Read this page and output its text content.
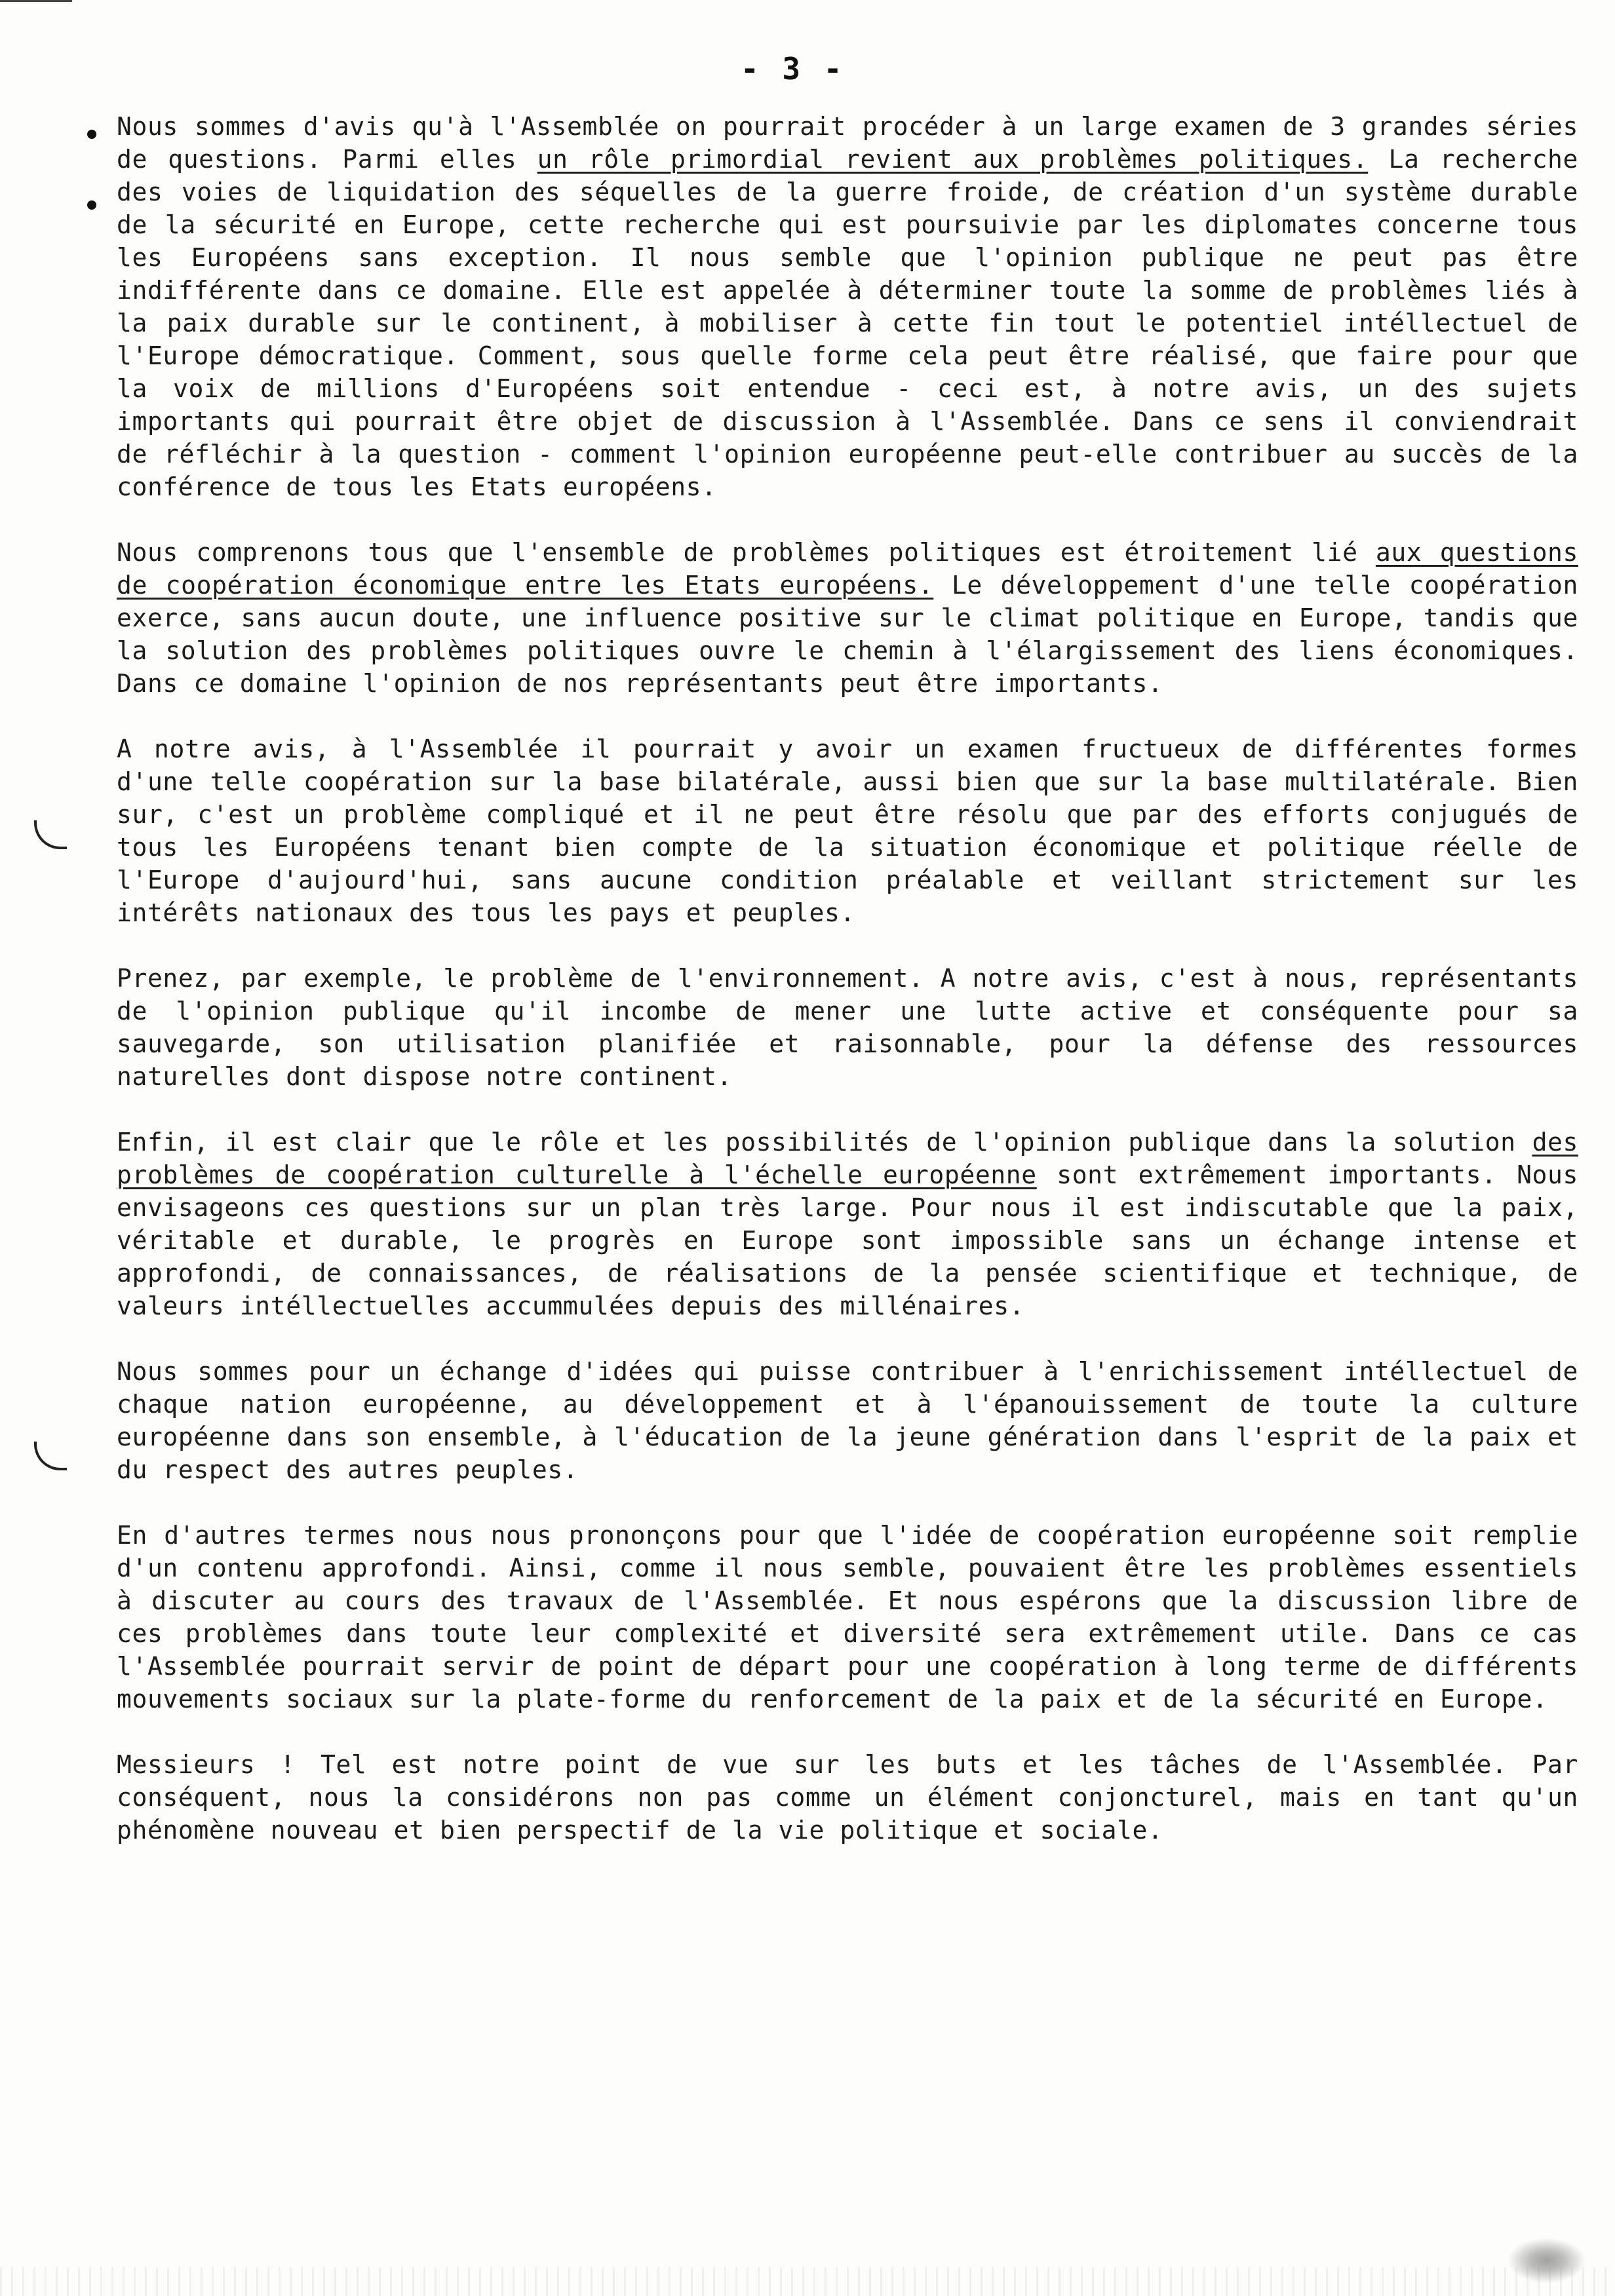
- 3 -
•
•

Nous sommes d'avis qu'à l'Assemblée on pourrait procéder à un large examen de 3 grandes séries de questions. Parmi elles un rôle primordial revient aux problèmes politiques. La recherche des voies de liquidation des séquelles de la guerre froide, de création d'un système durable de la sécurité en Europe, cette recherche qui est poursuivie par les diplomates concerne tous les Européens sans exception. Il nous semble que l'opinion publique ne peut pas être indifférente dans ce domaine. Elle est appelée à déterminer toute la somme de problèmes liés à la paix durable sur le continent, à mobiliser à cette fin tout le potentiel intéllectuel de l'Europe démocratique. Comment, sous quelle forme cela peut être réalisé, que faire pour que la voix de millions d'Européens soit entendue - ceci est, à notre avis, un des sujets importants qui pourrait être objet de discussion à l'Assemblée. Dans ce sens il conviendrait de réfléchir à la question - comment l'opinion européenne peut-elle contribuer au succès de la conférence de tous les Etats européens.

Nous comprenons tous que l'ensemble de problèmes politiques est étroitement lié aux questions de coopération économique entre les Etats européens. Le développement d'une telle coopération exerce, sans aucun doute, une influence positive sur le climat politique en Europe, tandis que la solution des problèmes politiques ouvre le chemin à l'élargissement des liens économiques. Dans ce domaine l'opinion de nos représentants peut être importants.

A notre avis, à l'Assemblée il pourrait y avoir un examen fructueux de différentes formes d'une telle coopération sur la base bilatérale, aussi bien que sur la base multilatérale. Bien sur, c'est un problème compliqué et il ne peut être résolu que par des efforts conjugués de tous les Européens tenant bien compte de la situation économique et politique réelle de l'Europe d'aujourd'hui, sans aucune condition préalable et veillant strictement sur les intérêts nationaux des tous les pays et peuples.

Prenez, par exemple, le problème de l'environnement. A notre avis, c'est à nous, représentants de l'opinion publique qu'il incombe de mener une lutte active et conséquente pour sa sauvegarde, son utilisation planifiée et raisonnable, pour la défense des ressources naturelles dont dispose notre continent.

Enfin, il est clair que le rôle et les possibilités de l'opinion publique dans la solution des problèmes de coopération culturelle à l'échelle européenne sont extrêmement importants. Nous envisageons ces questions sur un plan très large. Pour nous il est indiscutable que la paix, véritable et durable, le progrès en Europe sont impossible sans un échange intense et approfondi, de connaissances, de réalisations de la pensée scientifique et technique, de valeurs intéllectuelles accummulées depuis des millénaires.

Nous sommes pour un échange d'idées qui puisse contribuer à l'enrichissement intéllectuel de chaque nation européenne, au développement et à l'épanouissement de toute la culture européenne dans son ensemble, à l'éducation de la jeune génération dans l'esprit de la paix et du respect des autres peuples.

En d'autres termes nous nous prononçons pour que l'idée de coopération européenne soit remplie d'un contenu approfondi. Ainsi, comme il nous semble, pouvaient être les problèmes essentiels à discuter au cours des travaux de l'Assemblée. Et nous espérons que la discussion libre de ces problèmes dans toute leur complexité et diversité sera extrêmement utile. Dans ce cas l'Assemblée pourrait servir de point de départ pour une coopération à long terme de différents mouvements sociaux sur la plate-forme du renforcement de la paix et de la sécurité en Europe.

Messieurs ! Tel est notre point de vue sur les buts et les tâches de l'Assemblée. Par conséquent, nous la considérons non pas comme un élément conjoncturel, mais en tant qu'un phénomène nouveau et bien perspectif de la vie politique et sociale.
